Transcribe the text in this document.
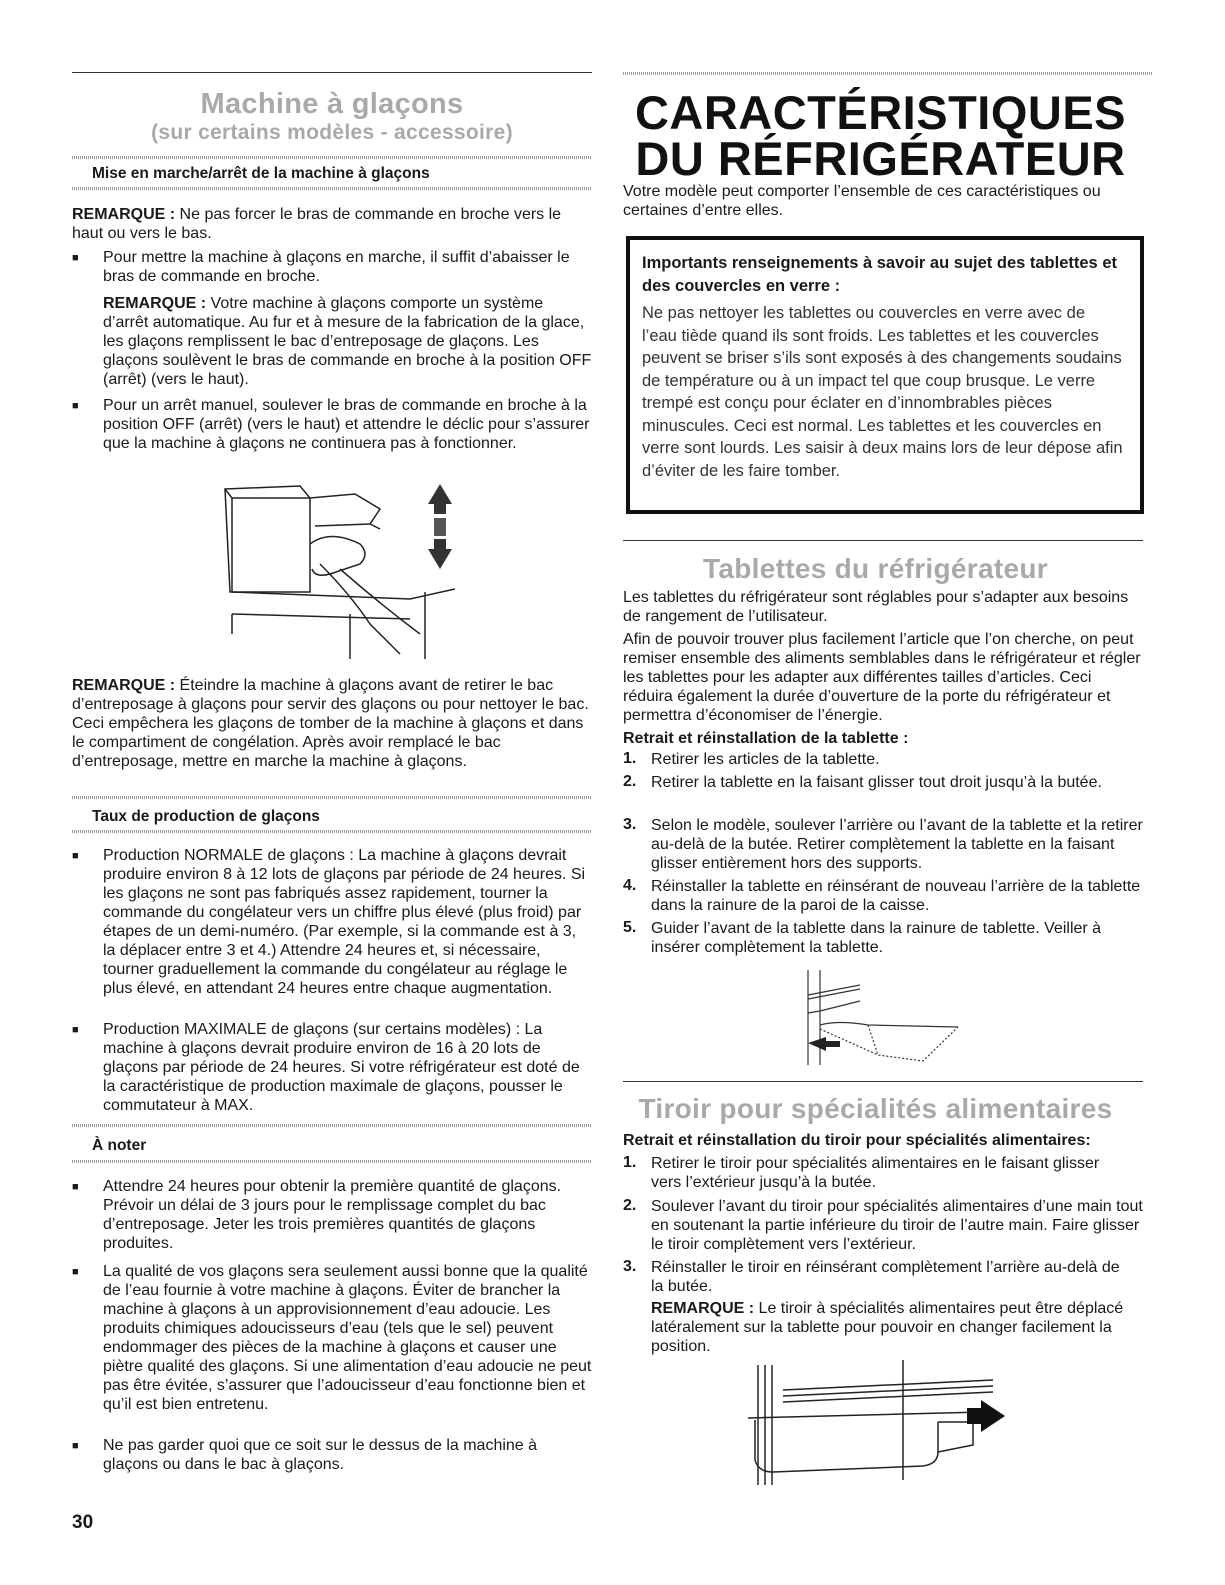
Machine à glaçons
(sur certains modèles - accessoire)
Mise en marche/arrêt de la machine à glaçons

REMARQUE : Ne pas forcer le bras de commande en broche vers le haut ou vers le bas.

■ Pour mettre la machine à glaçons en marche, il suffit d’abaisser le bras de commande en broche.

REMARQUE : Votre machine à glaçons comporte un système d’arrêt automatique. Au fur et à mesure de la fabrication de la glace, les glaçons remplissent le bac d’entreposage de glaçons. Les glaçons soulèvent le bras de commande en broche à la position OFF (arrêt) (vers le haut).

■ Pour un arrêt manuel, soulever le bras de commande en broche à la position OFF (arrêt) (vers le haut) et attendre le déclic pour s’assurer que la machine à glaçons ne continuera pas à fonctionner.

REMARQUE : Éteindre la machine à glaçons avant de retirer le bac d’entreposage à glaçons pour servir des glaçons ou pour nettoyer le bac. Ceci empêchera les glaçons de tomber de la machine à glaçons et dans le compartiment de congélation. Après avoir remplacé le bac d’entreposage, mettre en marche la machine à glaçons.

Taux de production de glaçons
■ Production NORMALE de glaçons : La machine à glaçons devrait produire environ 8 à 12 lots de glaçons par période de 24 heures. Si les glaçons ne sont pas fabriqués assez rapidement, tourner la commande du congélateur vers un chiffre plus élevé (plus froid) par étapes de un demi-numéro. (Par exemple, si la commande est à 3, la déplacer entre 3 et 4.) Attendre 24 heures et, si nécessaire, tourner graduellement la commande du congélateur au réglage le plus élevé, en attendant 24 heures entre chaque augmentation.

■ Production MAXIMALE de glaçons (sur certains modèles) : La machine à glaçons devrait produire environ de 16 à 20 lots de glaçons par période de 24 heures. Si votre réfrigérateur est doté de la caractéristique de production maximale de glaçons, pousser le commutateur à MAX.

À noter
■ Attendre 24 heures pour obtenir la première quantité de glaçons. Prévoir un délai de 3 jours pour le remplissage complet du bac d’entreposage. Jeter les trois premières quantités de glaçons produites.

■ La qualité de vos glaçons sera seulement aussi bonne que la qualité de l’eau fournie à votre machine à glaçons. Éviter de brancher la machine à glaçons à un approvisionnement d’eau adoucie. Les produits chimiques adoucisseurs d’eau (tels que le sel) peuvent endommager des pièces de la machine à glaçons et causer une piètre qualité des glaçons. Si une alimentation d’eau adoucie ne peut pas être évitée, s’assurer que l’adoucisseur d’eau fonctionne bien et qu’il est bien entretenu.

■ Ne pas garder quoi que ce soit sur le dessus de la machine à glaçons ou dans le bac à glaçons.

30
CARACTÉRISTIQUES
DU RÉFRIGÉRATEUR

Votre modèle peut comporter l’ensemble de ces caractéristiques ou certaines d’entre elles.

Importants renseignements à savoir au sujet des tablettes et des couvercles en verre :

Ne pas nettoyer les tablettes ou couvercles en verre avec de l’eau tiède quand ils sont froids. Les tablettes et les couvercles peuvent se briser s’ils sont exposés à des changements soudains de température ou à un impact tel que coup brusque. Le verre trempé est conçu pour éclater en d’innombrables pièces minuscules. Ceci est normal. Les tablettes et les couvercles en verre sont lourds. Les saisir à deux mains lors de leur dépose afin d’éviter de les faire tomber.

Tablettes du réfrigérateur

Les tablettes du réfrigérateur sont réglables pour s’adapter aux besoins de rangement de l’utilisateur.

Afin de pouvoir trouver plus facilement l’article que l’on cherche, on peut remiser ensemble des aliments semblables dans le réfrigérateur et régler les tablettes pour les adapter aux différentes tailles d’articles. Ceci réduira également la durée d’ouverture de la porte du réfrigérateur et permettra d’économiser de l’énergie.

Retrait et réinstallation de la tablette :

1. Retirer les articles de la tablette.

2. Retirer la tablette en la faisant glisser tout droit jusqu’à la butée.

3. Selon le modèle, soulever l’arrière ou l’avant de la tablette et la retirer au-delà de la butée. Retirer complètement la tablette en la faisant glisser entièrement hors des supports.

4. Réinstaller la tablette en réinsérant de nouveau l’arrière de la tablette dans la rainure de la paroi de la caisse.

5. Guider l’avant de la tablette dans la rainure de tablette. Veiller à insérer complètement la tablette.

Tiroir pour spécialités alimentaires

Retrait et réinstallation du tiroir pour spécialités alimentaires:

1. Retirer le tiroir pour spécialités alimentaires en le faisant glisser vers l’extérieur jusqu’à la butée.

2. Soulever l’avant du tiroir pour spécialités alimentaires d’une main tout en soutenant la partie inférieure du tiroir de l’autre main. Faire glisser le tiroir complètement vers l’extérieur.

3. Réinstaller le tiroir en réinsérant complètement l’arrière au-delà de la butée.

REMARQUE : Le tiroir à spécialités alimentaires peut être déplacé latéralement sur la tablette pour pouvoir en changer facilement la position.
